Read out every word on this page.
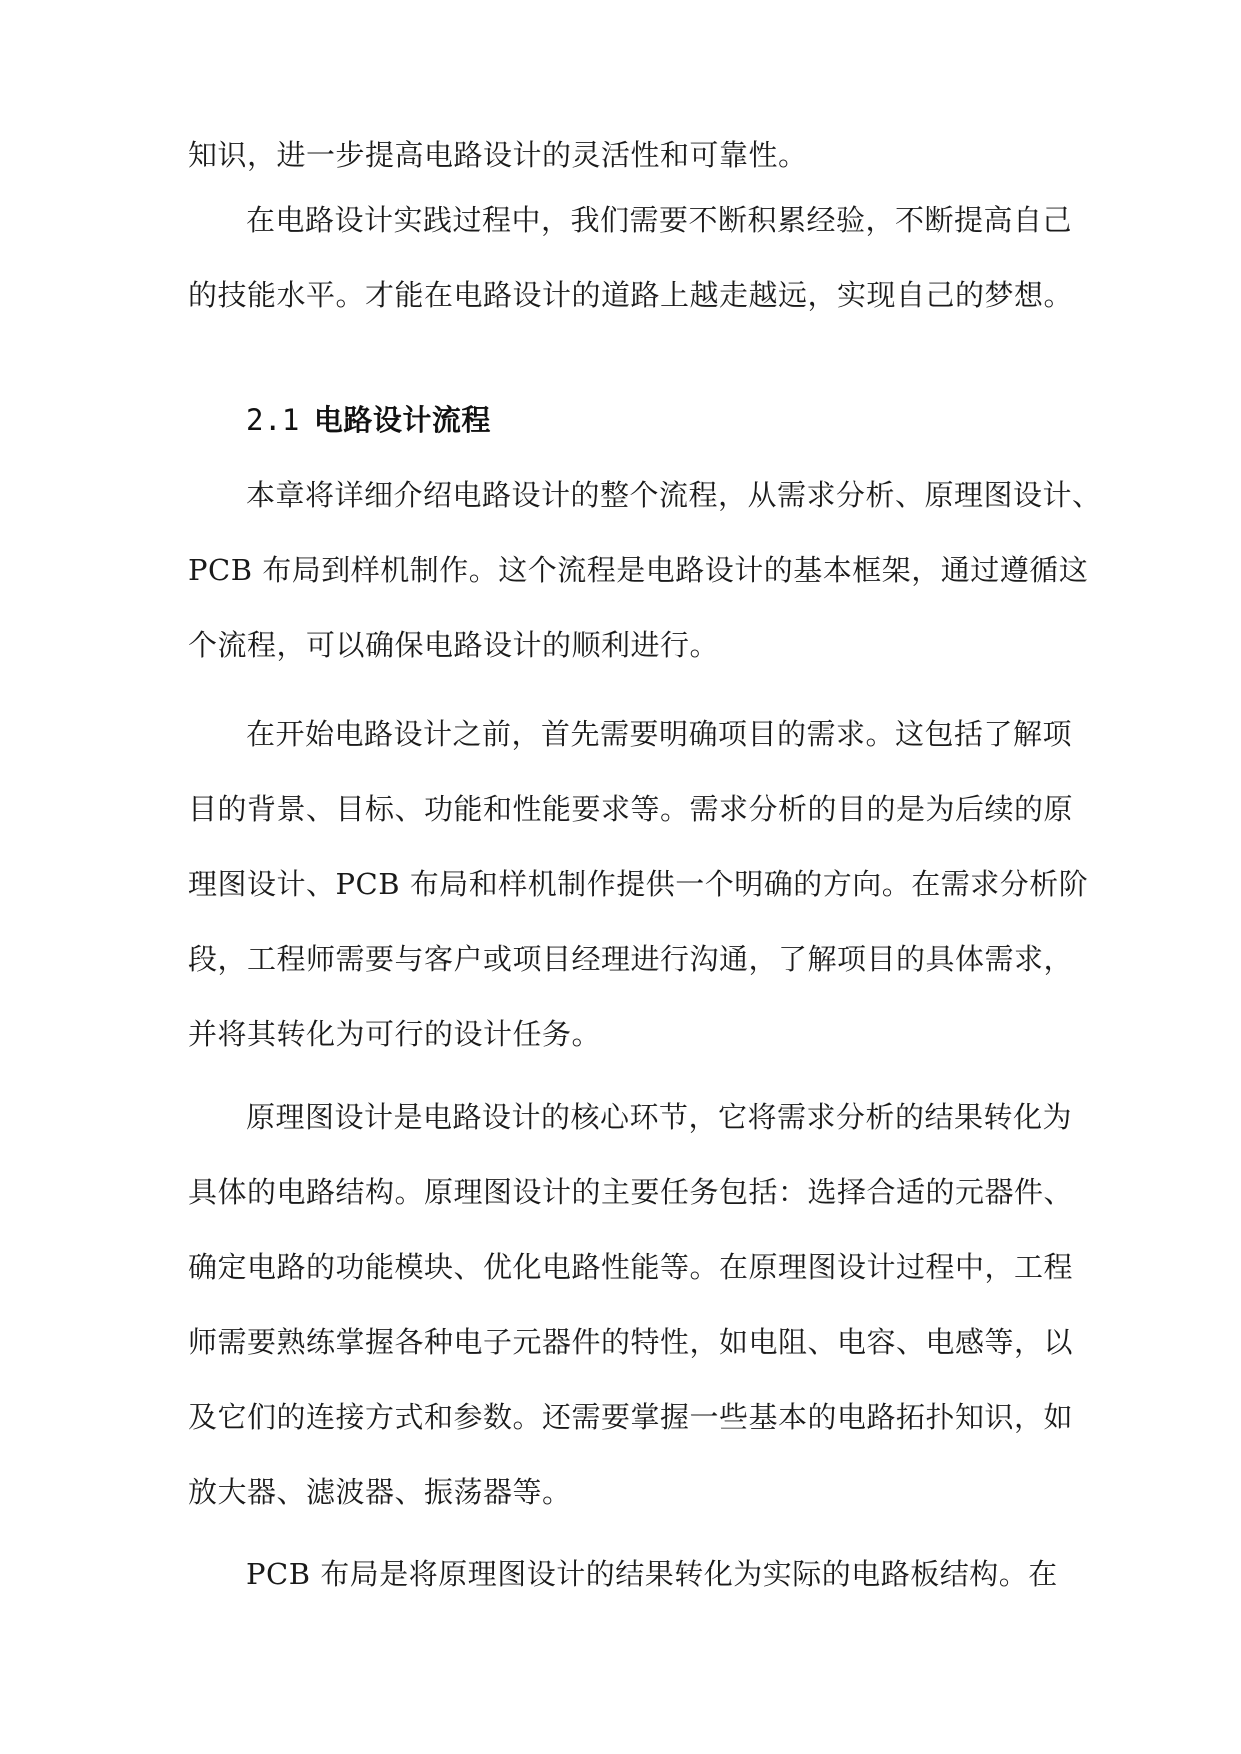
知识，进一步提高电路设计的灵活性和可靠性。

在电路设计实践过程中，我们需要不断积累经验，不断提高自己
的技能水平。才能在电路设计的道路上越走越远，实现自己的梦想。

2.1 电路设计流程

本章将详细介绍电路设计的整个流程，从需求分析、原理图设计、
PCB 布局到样机制作。这个流程是电路设计的基本框架，通过遵循这
个流程，可以确保电路设计的顺利进行。

在开始电路设计之前，首先需要明确项目的需求。这包括了解项
目的背景、目标、功能和性能要求等。需求分析的目的是为后续的原
理图设计、PCB 布局和样机制作提供一个明确的方向。在需求分析阶
段，工程师需要与客户或项目经理进行沟通，了解项目的具体需求，
并将其转化为可行的设计任务。

原理图设计是电路设计的核心环节，它将需求分析的结果转化为
具体的电路结构。原理图设计的主要任务包括：选择合适的元器件、
确定电路的功能模块、优化电路性能等。在原理图设计过程中，工程
师需要熟练掌握各种电子元器件的特性，如电阻、电容、电感等，以
及它们的连接方式和参数。还需要掌握一些基本的电路拓扑知识，如
放大器、滤波器、振荡器等。

PCB 布局是将原理图设计的结果转化为实际的电路板结构。在
